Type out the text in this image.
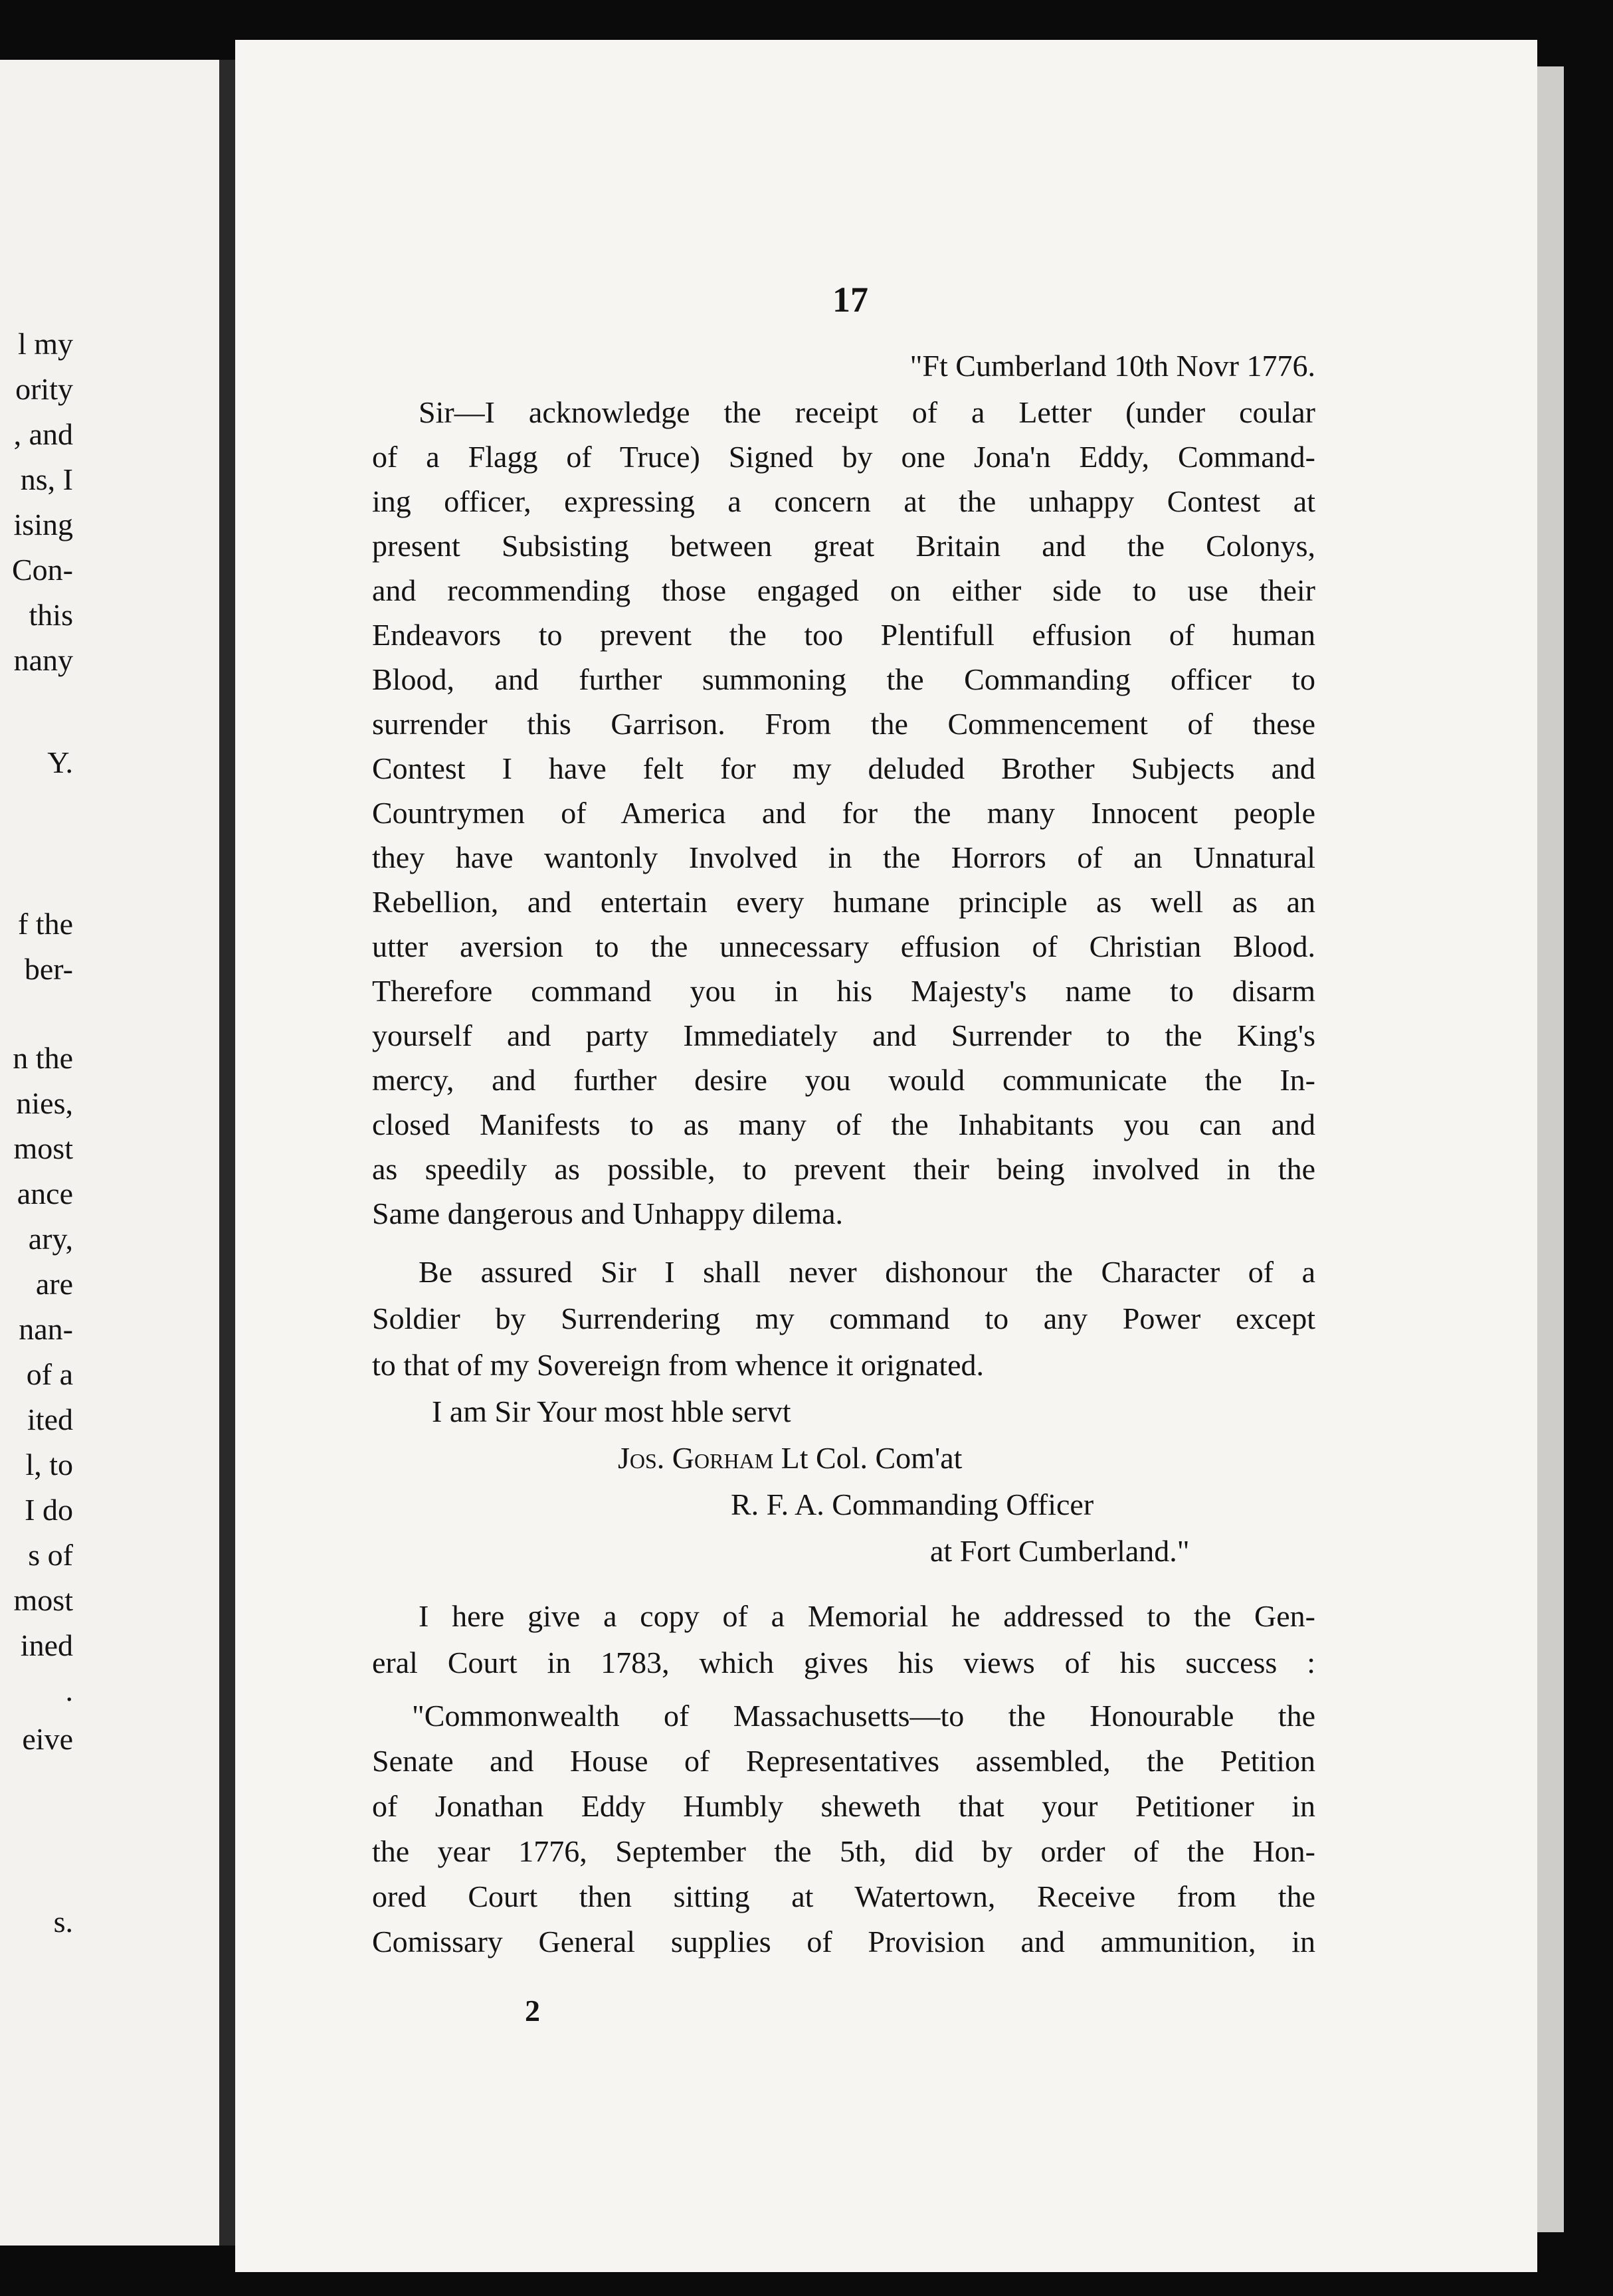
l my
ority
, and
ns, I
ising
Con-
this
nany
Y.
f the
ber-
n the
nies,
most
ance
ary,
are
nan-
of a
ited
l, to
I do
s of
most
ined
.
eive
s.
17
"Ft Cumberland 10th Novr 1776.
Sir—I acknowledge the receipt of a Letter (under coular
of a Flagg of Truce) Signed by one Jona'n Eddy, Command-
ing officer, expressing a concern at the unhappy Contest at
present Subsisting between great Britain and the Colonys,
and recommending those engaged on either side to use their
Endeavors to prevent the too Plentifull effusion of human
Blood, and further summoning the Commanding officer to
surrender this Garrison. From the Commencement of these
Contest I have felt for my deluded Brother Subjects and
Countrymen of America and for the many Innocent people
they have wantonly Involved in the Horrors of an Unnatural
Rebellion, and entertain every humane principle as well as an
utter aversion to the unnecessary effusion of Christian Blood.
Therefore command you in his Majesty's name to disarm
yourself and party Immediately and Surrender to the King's
mercy, and further desire you would communicate the In-
closed Manifests to as many of the Inhabitants you can and
as speedily as possible, to prevent their being involved in the
Same dangerous and Unhappy dilema.
Be assured Sir I shall never dishonour the Character of a
Soldier by Surrendering my command to any Power except
to that of my Sovereign from whence it orignated.
I am Sir Your most hble servt
Jos. Gorham Lt Col. Com'at
R. F. A. Commanding Officer
at Fort Cumberland."
I here give a copy of a Memorial he addressed to the Gen-
eral Court in 1783, which gives his views of his success :
"Commonwealth of Massachusetts—to the Honourable the
Senate and House of Representatives assembled, the Petition
of Jonathan Eddy Humbly sheweth that your Petitioner in
the year 1776, September the 5th, did by order of the Hon-
ored Court then sitting at Watertown, Receive from the
Comissary General supplies of Provision and ammunition, in
2
